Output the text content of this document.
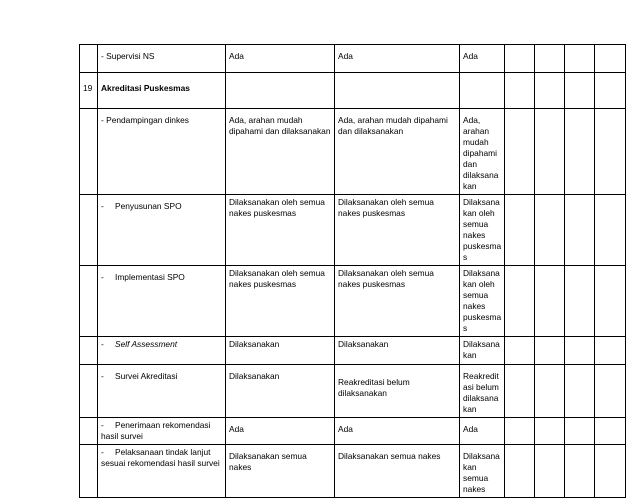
	- Supervisi NS	Ada	Ada	Ada				
19	Akreditasi Puskesmas							
	- Pendampingan dinkes	Ada, arahan mudah dipahami dan dilaksanakan	Ada, arahan mudah dipahami dan dilaksanakan	Ada, arahan mudah dipahami dan dilaksana kan				
	- Penyusunan SPO	Dilaksanakan oleh semua nakes puskesmas	Dilaksanakan oleh semua nakes puskesmas	Dilaksana kan oleh semua nakes puskesma s				
	- Implementasi SPO	Dilaksanakan oleh semua nakes puskesmas	Dilaksanakan oleh semua nakes puskesmas	Dilaksana kan oleh semua nakes puskesma s				
	- Self Assessment	Dilaksanakan	Dilaksanakan	Dilaksana kan				
	- Survei Akreditasi	Dilaksanakan	Reakreditasi belum dilaksanakan	Reakredit asi belum dilaksana kan				
	- Penerimaan rekomendasi hasil survei	Ada	Ada	Ada				
	- Pelaksanaan tindak lanjut sesuai rekomendasi hasil survei	Dilaksanakan semua nakes	Dilaksanakan semua nakes	Dilaksana kan semua nakes				
